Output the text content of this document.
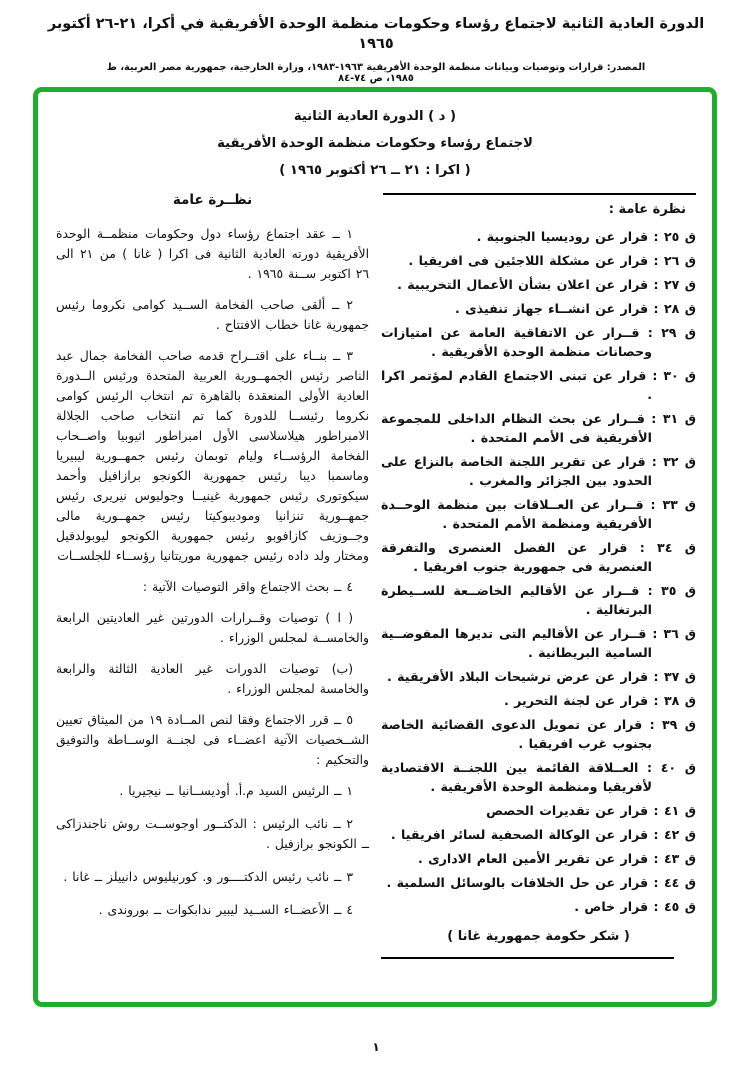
الدورة العادية الثانية لاجتماع رؤساء وحكومات منظمة الوحدة الأفريقية في أكرا، ٢١-٢٦ أكتوبر ١٩٦٥
المصدر: قرارات وتوصيات وبيانات منظمة الوحدة الأفريقية ١٩٦٣-١٩٨٣، وزارة الخارجية، جمهورية مصر العربية، ط ١٩٨٥، ص ٧٤-٨٤
( د ) الدورة العادية الثانية
لاجتماع رؤساء وحكومات منظمة الوحدة الأفريقية
( اكرا : ٢١ ــ ٢٦ أكتوبر ١٩٦٥ )
نظرة عامة :
ق ٢٥ : قرار عن روديسيا الجنوبية .
ق ٢٦ : قرار عن مشكلة اللاجئين فى افريقيا .
ق ٢٧ : قرار عن اعلان بشأن الأعمال التخريبية .
ق ٢٨ : قرار عن انشــاء جهاز تنفيذى .
ق ٢٩ : قــرار عن الاتفاقية العامة عن امتيازات وحصانات منظمة الوحدة الأفريقية .
ق ٣٠ : قرار عن تبنى الاجتماع القادم لمؤتمر اكرا .
ق ٣١ : قــرار عن بحث النظام الداخلى للمجموعة الأفريقية فى الأمم المتحدة .
ق ٣٢ : قرار عن تقرير اللجنة الخاصة بالنزاع على الحدود بين الجزائر والمغرب .
ق ٣٣ : قــرار عن العــلاقات بين منظمة الوحــدة الأفريقية ومنظمة الأمم المتحدة .
ق ٣٤ : قرار عن الفصل العنصرى والتفرقة العنصرية فى جمهورية جنوب افريقيا .
ق ٣٥ : قــرار عن الأقاليم الخاضــعة للســيطرة البرتغالية .
ق ٣٦ : قــرار عن الأقاليم التى تديرها المفوضــية السامية البريطانية .
ق ٣٧ : قرار عن عرض ترشيحات البلاد الأفريقية .
ق ٣٨ : قرار عن لجنة التحرير .
ق ٣٩ : قرار عن تمويل الدعوى القضائية الخاصة بجنوب غرب افريقيا .
ق ٤٠ : العــلاقة القائمة بين اللجنــة الاقتصادية لأفريقيا ومنظمة الوحدة الأفريقية .
ق ٤١ : قرار عن تقديرات الحصص
ق ٤٢ : قرار عن الوكالة الصحفية لسائر افريقيا .
ق ٤٣ : قرار عن تقرير الأمين العام الادارى .
ق ٤٤ : قرار عن حل الخلافات بالوسائل السلمية .
ق ٤٥ : قرار خاص .
( شكر حكومة جمهورية غانا )
نظــرة عامة
١ ــ عقد اجتماع رؤساء دول وحكومات منظمــة الوحدة الأفريقية دورته العادية الثانية فى اكرا ( غانا ) من ٢١ الى ٢٦ اكتوبر ســنة ١٩٦٥ .
٢ ــ ألقى صاحب الفخامة الســيد كوامى نكروما رئيس جمهورية غانا خطاب الافتتاح .
٣ ــ بنــاء على اقتــراح قدمه صاحب الفخامة جمال عبد الناصر رئيس الجمهــورية العربية المتحدة ورئيس الــدورة العادية الأولى المنعقدة بالقاهرة تم انتخاب الرئيس كوامى نكروما رئيســا للدورة كما تم انتخاب صاحب الجلالة الامبراطور هيلاسلاسى الأول امبراطور اثيوبيا واصــحاب الفخامة الرؤســاء وليام توبمان رئيس جمهــورية ليبيريا وماسمبا ديبا رئيس جمهورية الكونجو برازافيل وأحمد سيكوتورى رئيس جمهورية غينيــا وجوليوس نيريرى رئيس جمهــورية تنزانيا وموديبوكيتا رئيس جمهــورية مالى وجــوزيف كازافوبو رئيس جمهورية الكونجو ليوبولدفيل ومختار ولد داده رئيس جمهورية موريتانيا رؤســاء للجلســات
٤ ــ بحث الاجتماع واقر التوصيات الآتية :
( ا ) توصيات وقــرارات الدورتين غير العاديتين الرابعة والخامســة لمجلس الوزراء .
(ب) توصيات الدورات غير العادية الثالثة والرابعة والخامسة لمجلس الوزراء .
٥ ــ قرر الاجتماع وفقا لنص المــادة ١٩ من الميثاق تعيين الشــخصيات الآتية اعضــاء فى لجنــة الوســاطة والتوفيق والتحكيم :
١ ــ الرئيس السيد م.أ. أوديســانيا ــ نيجيريا .
٢ ــ نائب الرئيس : الدكتــور اوجوســت روش ناجندزاكى ــ الكونجو برازفيل .
٣ ــ نائب رئيس الدكتــــور و. كورنيليوس دانييلز ــ غانا .
٤ ــ الأعضــاء الســيد ليبير ندابكوات ــ بوروندى .
١
